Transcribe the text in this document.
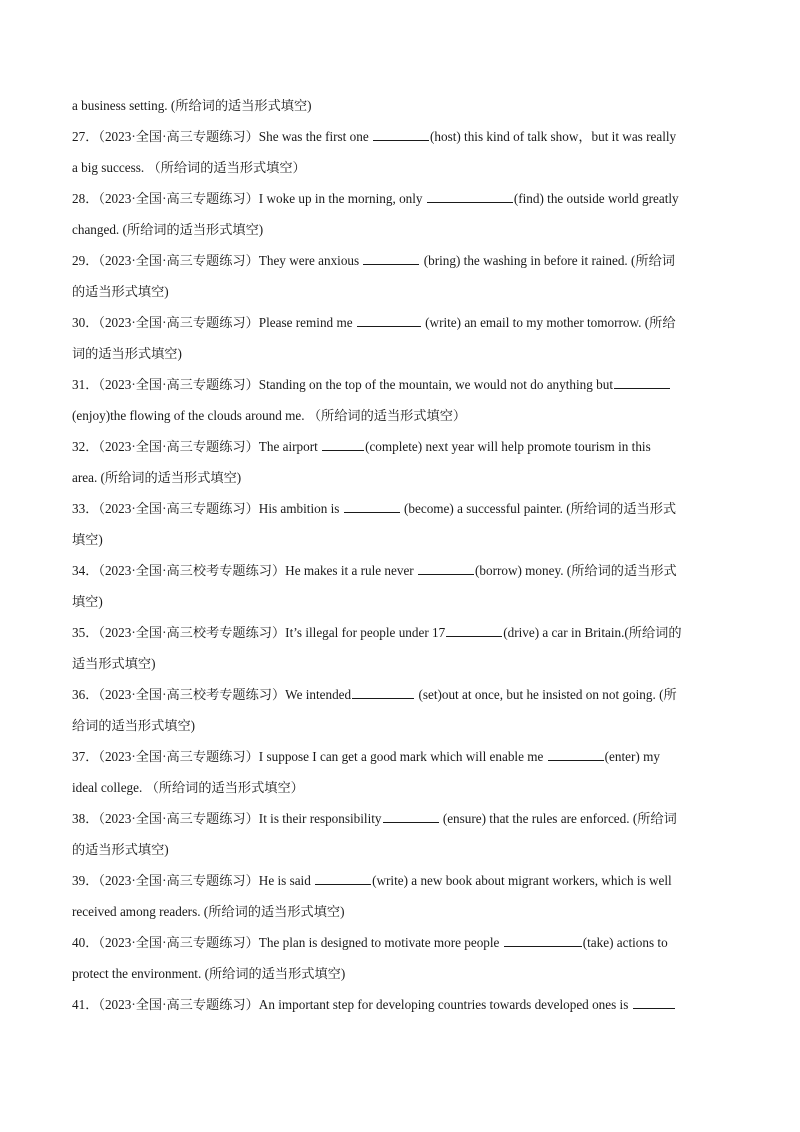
a business setting. (所给词的适当形式填空)
27．（2023·全国·高三专题练习）She was the first one	(host) this kind of talk show，but it was really
a big success. （所给词的适当形式填空）
28．（2023·全国·高三专题练习）I woke up in the morning, only	(find) the outside world greatly
changed. (所给词的适当形式填空)
29．（2023·全国·高三专题练习）They were anxious	(bring) the washing in before it rained. (所给词
的适当形式填空)
30．（2023·全国·高三专题练习）Please remind me	(write) an email to my mother tomorrow. (所给
词的适当形式填空)
31．（2023·全国·高三专题练习）Standing on the top of the mountain, we would not do anything but
(enjoy)the flowing of the clouds around me. （所给词的适当形式填空）
32．（2023·全国·高三专题练习）The airport	(complete) next year will help promote tourism in this
area. (所给词的适当形式填空)
33．（2023·全国·高三专题练习）His ambition is	(become) a successful painter. (所给词的适当形式
填空)
34．（2023·全国·高三校考专题练习）He makes it a rule never	(borrow) money. (所给词的适当形式
填空)
35．（2023·全国·高三校考专题练习）It’s illegal for people under 17	(drive) a car in Britain.(所给词的
适当形式填空)
36．（2023·全国·高三校考专题练习）We intended	(set)out at once, but he insisted on not going. (所
给词的适当形式填空)
37．（2023·全国·高三专题练习）I suppose I can get a good mark which will enable me	(enter) my
ideal college. （所给词的适当形式填空）
38．（2023·全国·高三专题练习）It is their responsibility	(ensure) that the rules are enforced. (所给词
的适当形式填空)
39．（2023·全国·高三专题练习）He is said	(write) a new book about migrant workers, which is well
received among readers. (所给词的适当形式填空)
40．（2023·全国·高三专题练习）The plan is designed to motivate more people	(take) actions to
protect the environment. (所给词的适当形式填空)
41．（2023·全国·高三专题练习）An important step for developing countries towards developed ones is
